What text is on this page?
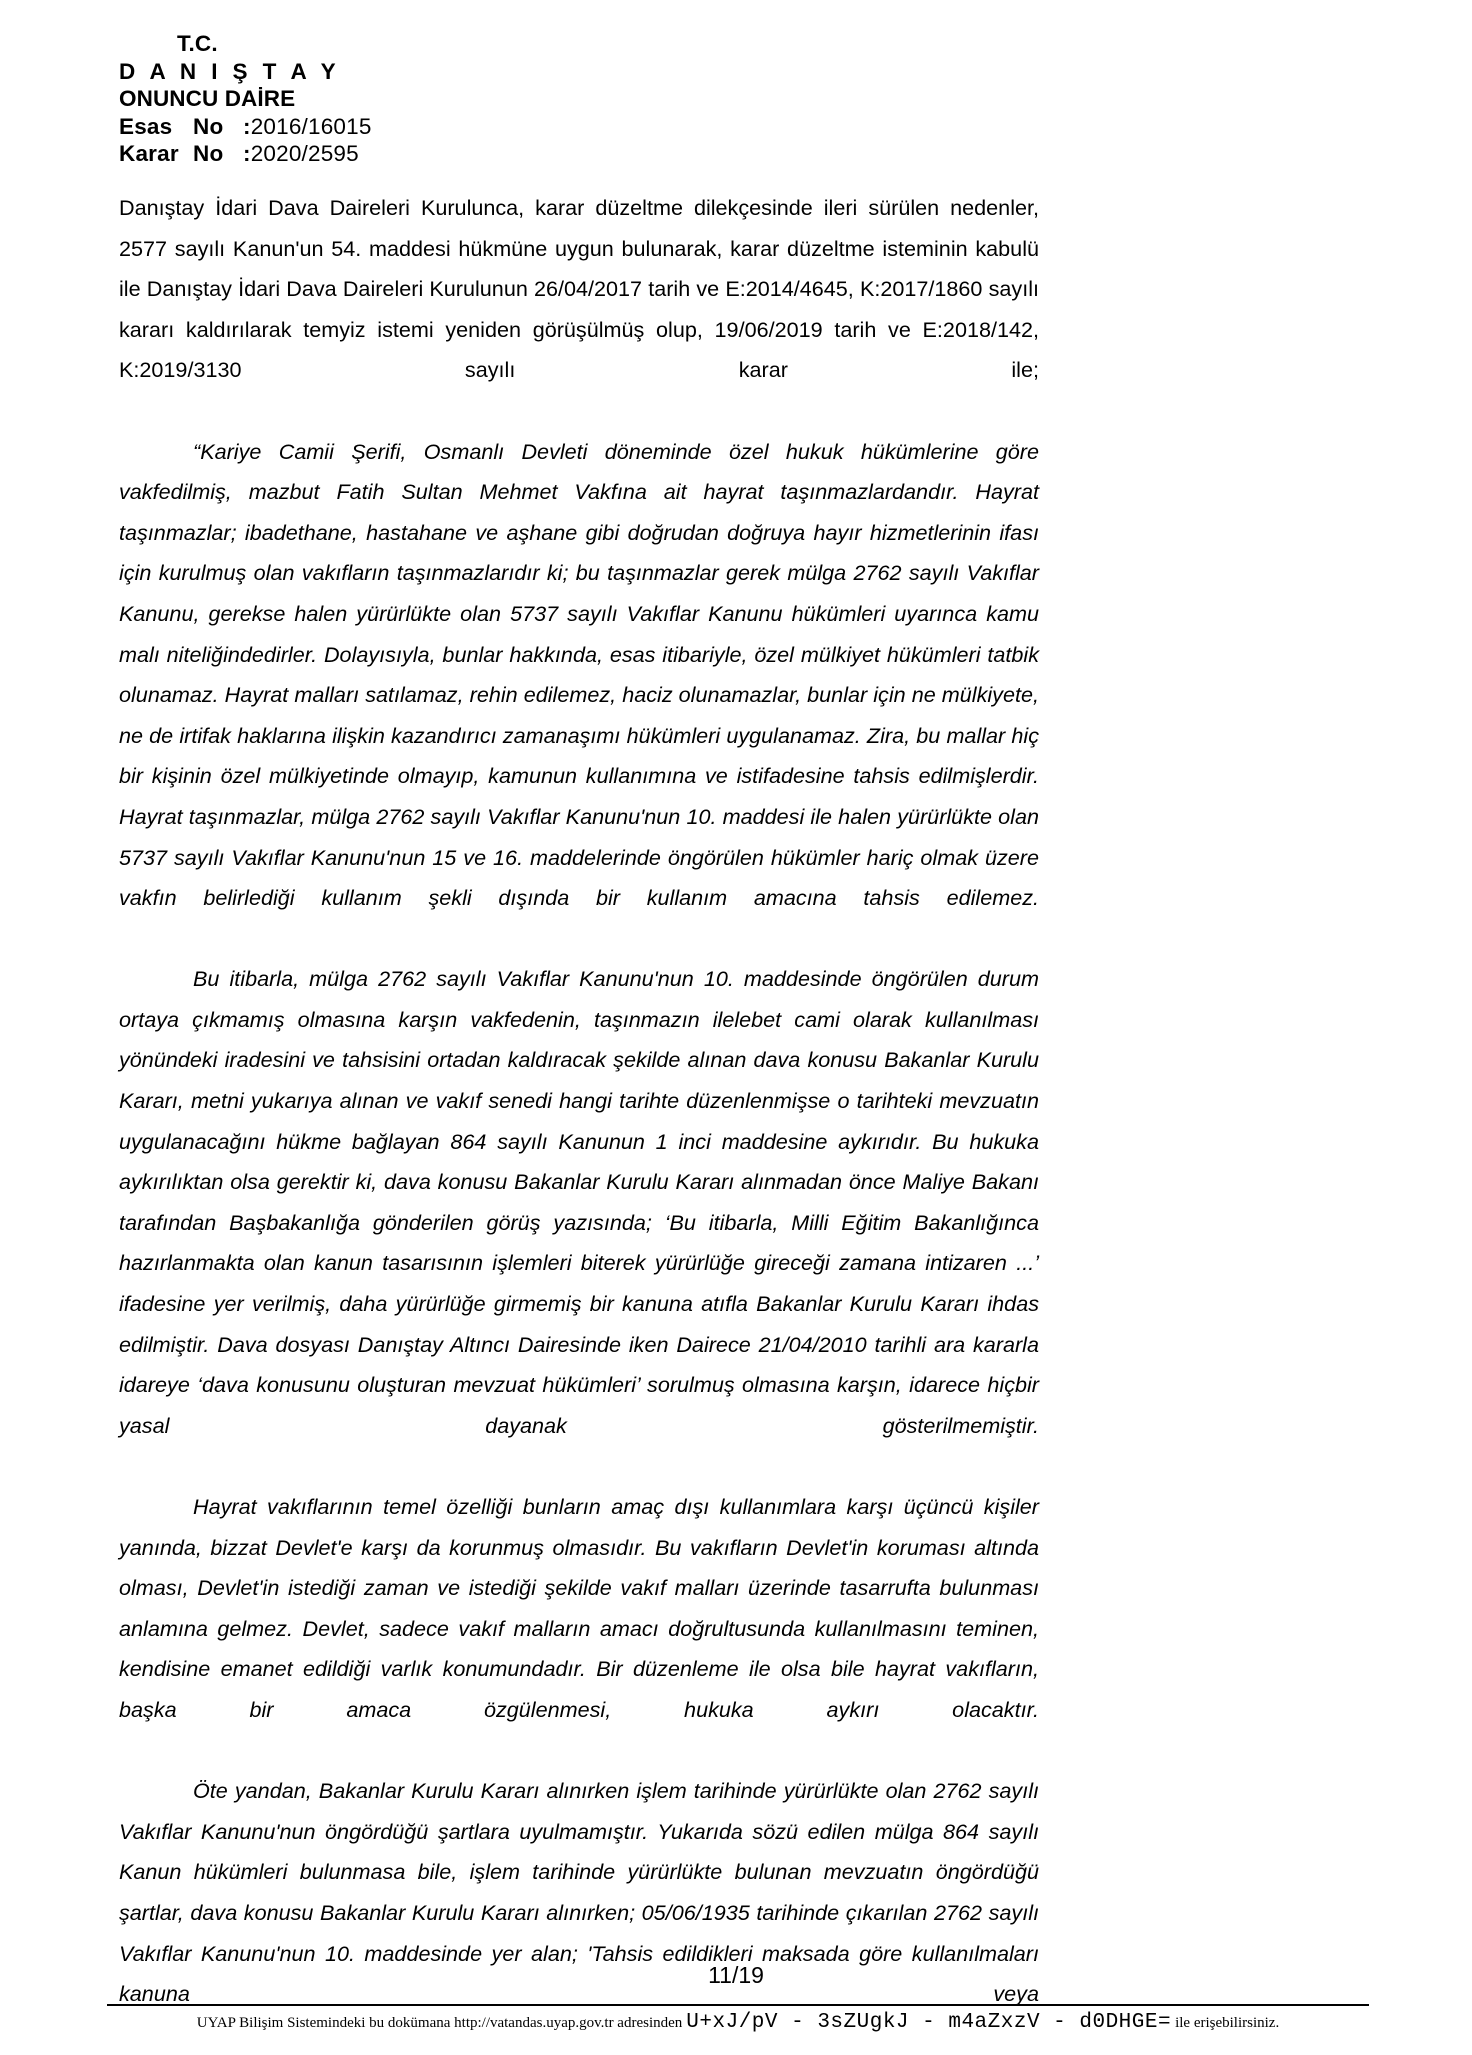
T.C.
D A N I Ş T A Y
ONUNCU DAİRE
Esas No :2016/16015
Karar No :2020/2595

Danıştay İdari Dava Daireleri Kurulunca, karar düzeltme dilekçesinde ileri sürülen nedenler, 2577 sayılı Kanun'un 54. maddesi hükmüne uygun bulunarak, karar düzeltme isteminin kabulü ile Danıştay İdari Dava Daireleri Kurulunun 26/04/2017 tarih ve E:2014/4645, K:2017/1860 sayılı kararı kaldırılarak temyiz istemi yeniden görüşülmüş olup, 19/06/2019 tarih ve E:2018/142, K:2019/3130 sayılı karar ile;

“Kariye Camii Şerifi, Osmanlı Devleti döneminde özel hukuk hükümlerine göre vakfedilmiş, mazbut Fatih Sultan Mehmet Vakfına ait hayrat taşınmazlardandır. Hayrat taşınmazlar; ibadethane, hastahane ve aşhane gibi doğrudan doğruya hayır hizmetlerinin ifası için kurulmuş olan vakıfların taşınmazlarıdır ki; bu taşınmazlar gerek mülga 2762 sayılı Vakıflar Kanunu, gerekse halen yürürlükte olan 5737 sayılı Vakıflar Kanunu hükümleri uyarınca kamu malı niteliğindedirler. Dolayısıyla, bunlar hakkında, esas itibariyle, özel mülkiyet hükümleri tatbik olunamaz. Hayrat malları satılamaz, rehin edilemez, haciz olunamazlar, bunlar için ne mülkiyete, ne de irtifak haklarına ilişkin kazandırıcı zamanaşımı hükümleri uygulanamaz. Zira, bu mallar hiç bir kişinin özel mülkiyetinde olmayıp, kamunun kullanımına ve istifadesine tahsis edilmişlerdir. Hayrat taşınmazlar, mülga 2762 sayılı Vakıflar Kanunu'nun 10. maddesi ile halen yürürlükte olan 5737 sayılı Vakıflar Kanunu'nun 15 ve 16. maddelerinde öngörülen hükümler hariç olmak üzere vakfın belirlediği kullanım şekli dışında bir kullanım amacına tahsis edilemez.

Bu itibarla, mülga 2762 sayılı Vakıflar Kanunu'nun 10. maddesinde öngörülen durum ortaya çıkmamış olmasına karşın vakfedenin, taşınmazın ilelebet cami olarak kullanılması yönündeki iradesini ve tahsisini ortadan kaldıracak şekilde alınan dava konusu Bakanlar Kurulu Kararı, metni yukarıya alınan ve vakıf senedi hangi tarihte düzenlenmişse o tarihteki mevzuatın uygulanacağını hükme bağlayan 864 sayılı Kanunun 1 inci maddesine aykırıdır. Bu hukuka aykırılıktan olsa gerektir ki, dava konusu Bakanlar Kurulu Kararı alınmadan önce Maliye Bakanı tarafından Başbakanlığa gönderilen görüş yazısında; ‘Bu itibarla, Milli Eğitim Bakanlığınca hazırlanmakta olan kanun tasarısının işlemleri biterek yürürlüğe gireceği zamana intizaren ...’ ifadesine yer verilmiş, daha yürürlüğe girmemiş bir kanuna atıfla Bakanlar Kurulu Kararı ihdas edilmiştir. Dava dosyası Danıştay Altıncı Dairesinde iken Dairece 21/04/2010 tarihli ara kararla idareye ‘dava konusunu oluşturan mevzuat hükümleri’ sorulmuş olmasına karşın, idarece hiçbir yasal dayanak gösterilmemiştir.

Hayrat vakıflarının temel özelliği bunların amaç dışı kullanımlara karşı üçüncü kişiler yanında, bizzat Devlet'e karşı da korunmuş olmasıdır. Bu vakıfların Devlet'in koruması altında olması, Devlet'in istediği zaman ve istediği şekilde vakıf malları üzerinde tasarrufta bulunması anlamına gelmez. Devlet, sadece vakıf malların amacı doğrultusunda kullanılmasını teminen, kendisine emanet edildiği varlık konumundadır. Bir düzenleme ile olsa bile hayrat vakıfların, başka bir amaca özgülenmesi, hukuka aykırı olacaktır.

Öte yandan, Bakanlar Kurulu Kararı alınırken işlem tarihinde yürürlükte olan 2762 sayılı Vakıflar Kanunu'nun öngördüğü şartlara uyulmamıştır. Yukarıda sözü edilen mülga 864 sayılı Kanun hükümleri bulunmasa bile, işlem tarihinde yürürlükte bulunan mevzuatın öngördüğü şartlar, dava konusu Bakanlar Kurulu Kararı alınırken; 05/06/1935 tarihinde çıkarılan 2762 sayılı Vakıflar Kanunu'nun 10. maddesinde yer alan; 'Tahsis edildikleri maksada göre kullanılmaları kanuna veya

11/19
UYAP Bilişim Sistemindeki bu dokümana http://vatandas.uyap.gov.tr adresinden U+xJ/pV - 3sZUgkJ - m4aZxzV - d0DHGE= ile erişebilirsiniz.
